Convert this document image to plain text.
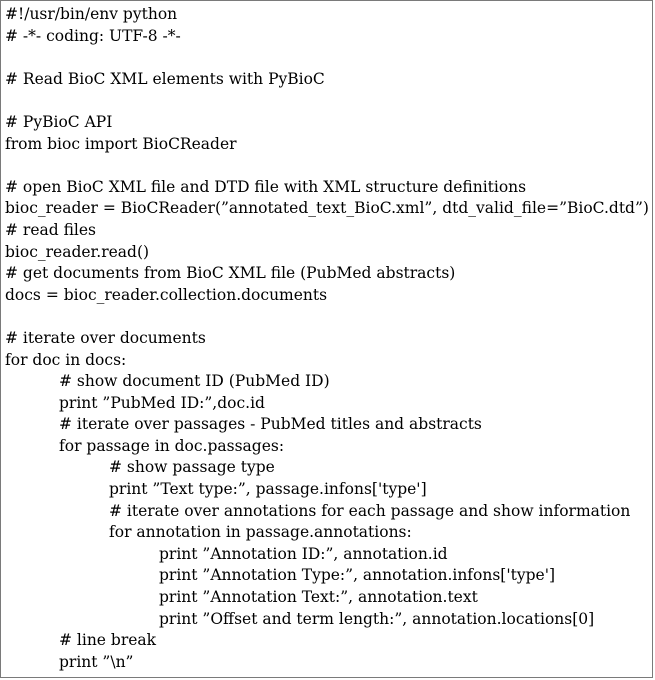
#!/usr/bin/env python
# -*- coding: UTF-8 -*-
# Read BioC XML elements with PyBioC
# PyBioC API
from bioc import BioCReader
# open BioC XML file and DTD file with XML structure definitions
bioc_reader = BioCReader(”annotated_text_BioC.xml”, dtd_valid_file=”BioC.dtd”)
# read files
bioc_reader.read()
# get documents from BioC XML file (PubMed abstracts)
docs = bioc_reader.collection.documents
# iterate over documents
for doc in docs:
# show document ID (PubMed ID)
print ”PubMed ID:”,doc.id
# iterate over passages - PubMed titles and abstracts
for passage in doc.passages:
# show passage type
print ”Text type:”, passage.infons['type']
# iterate over annotations for each passage and show information
for annotation in passage.annotations:
print ”Annotation ID:”, annotation.id
print ”Annotation Type:”, annotation.infons['type']
print ”Annotation Text:”, annotation.text
print ”Offset and term length:”, annotation.locations[0]
# line break
print ”\n”
